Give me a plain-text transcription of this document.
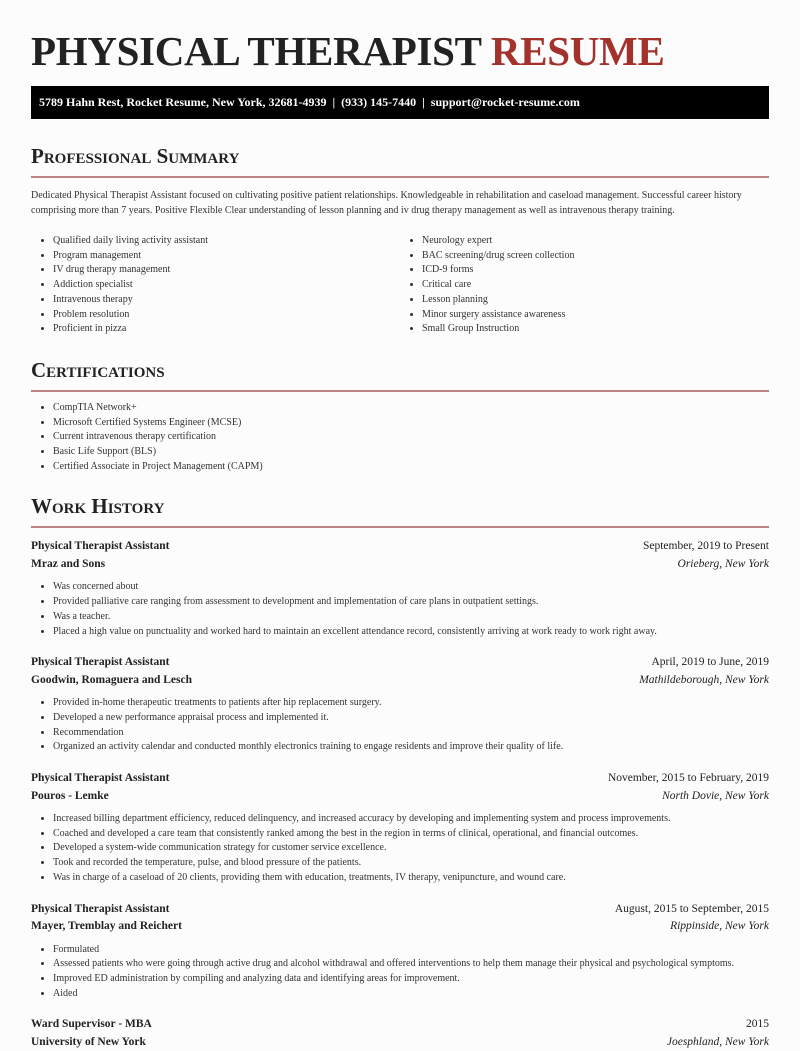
PHYSICAL THERAPIST RESUME
5789 Hahn Rest, Rocket Resume, New York, 32681-4939  |  (933) 145-7440  |  support@rocket-resume.com
Professional Summary

Dedicated Physical Therapist Assistant focused on cultivating positive patient relationships. Knowledgeable in rehabilitation and caseload management. Successful career history comprising more than 7 years. Positive Flexible Clear understanding of lesson planning and iv drug therapy management as well as intravenous therapy training.

• Qualified daily living activity assistant
• Program management
• IV drug therapy management
• Addiction specialist
• Intravenous therapy
• Problem resolution
• Proficient in pizza
• Neurology expert
• BAC screening/drug screen collection
• ICD-9 forms
• Critical care
• Lesson planning
• Minor surgery assistance awareness
• Small Group Instruction
Certifications
• CompTIA Network+
• Microsoft Certified Systems Engineer (MCSE)
• Current intravenous therapy certification
• Basic Life Support (BLS)
• Certified Associate in Project Management (CAPM)
Work History
Physical Therapist Assistant	September, 2019 to Present
Mraz and Sons	Orieberg, New York
• Was concerned about
• Provided palliative care ranging from assessment to development and implementation of care plans in outpatient settings.
• Was a teacher.
• Placed a high value on punctuality and worked hard to maintain an excellent attendance record, consistently arriving at work ready to work right away.
Physical Therapist Assistant	April, 2019 to June, 2019
Goodwin, Romaguera and Lesch	Mathildeborough, New York
• Provided in-home therapeutic treatments to patients after hip replacement surgery.
• Developed a new performance appraisal process and implemented it.
• Recommendation
• Organized an activity calendar and conducted monthly electronics training to engage residents and improve their quality of life.
Physical Therapist Assistant	November, 2015 to February, 2019
Pouros - Lemke	North Dovie, New York
• Increased billing department efficiency, reduced delinquency, and increased accuracy by developing and implementing system and process improvements.
• Coached and developed a care team that consistently ranked among the best in the region in terms of clinical, operational, and financial outcomes.
• Developed a system-wide communication strategy for customer service excellence.
• Took and recorded the temperature, pulse, and blood pressure of the patients.
• Was in charge of a caseload of 20 clients, providing them with education, treatments, IV therapy, venipuncture, and wound care.
Physical Therapist Assistant	August, 2015 to September, 2015
Mayer, Tremblay and Reichert	Rippinside, New York
• Formulated
• Assessed patients who were going through active drug and alcohol withdrawal and offered interventions to help them manage their physical and psychological symptoms.
• Improved ED administration by compiling and analyzing data and identifying areas for improvement.
• Aided
Ward Supervisor - MBA	2015
University of New York	Joesphland, New York
